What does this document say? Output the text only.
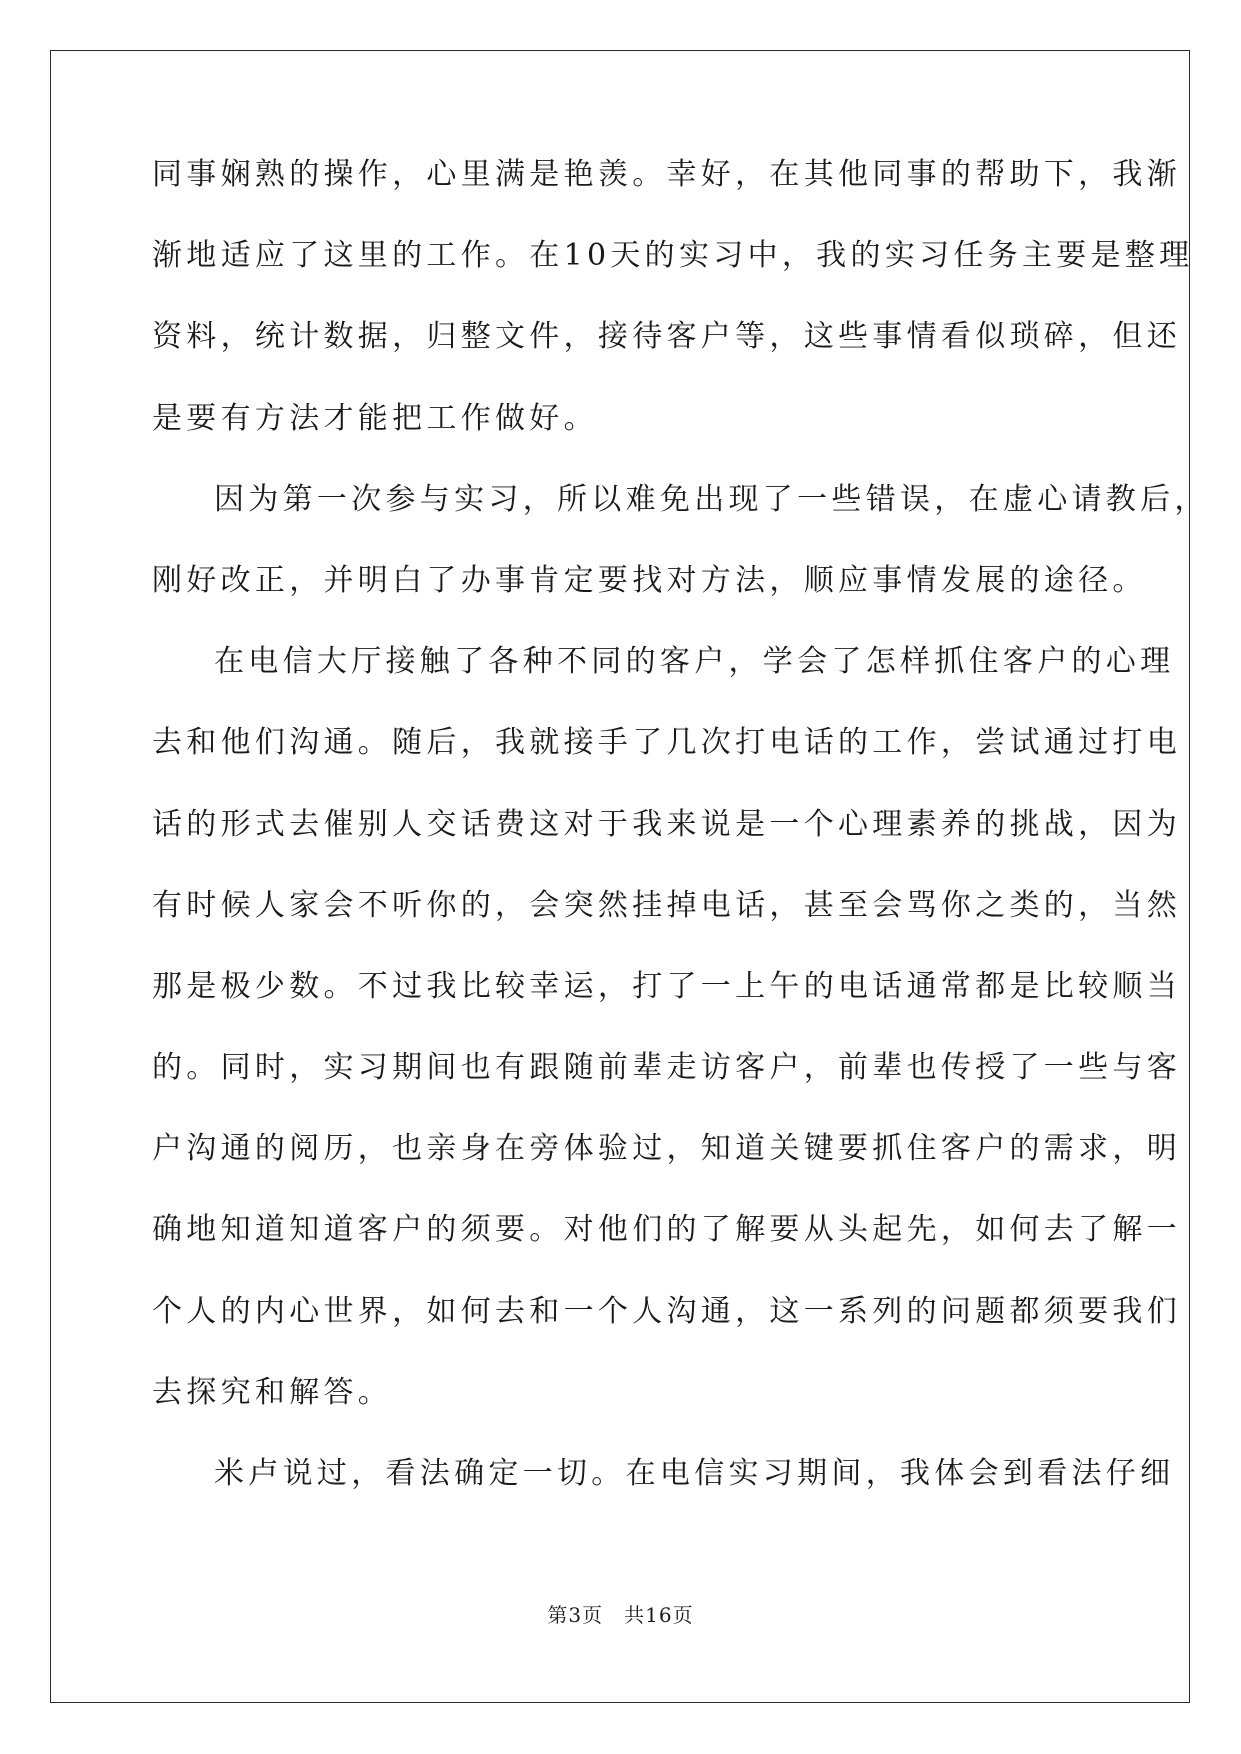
同事娴熟的操作，心里满是艳羡。幸好，在其他同事的帮助下，我渐
渐地适应了这里的工作。在10天的实习中，我的实习任务主要是整理
资料，统计数据，归整文件，接待客户等，这些事情看似琐碎，但还
是要有方法才能把工作做好。
因为第一次参与实习，所以难免出现了一些错误，在虚心请教后，
刚好改正，并明白了办事肯定要找对方法，顺应事情发展的途径。
在电信大厅接触了各种不同的客户，学会了怎样抓住客户的心理
去和他们沟通。随后，我就接手了几次打电话的工作，尝试通过打电
话的形式去催别人交话费这对于我来说是一个心理素养的挑战，因为
有时候人家会不听你的，会突然挂掉电话，甚至会骂你之类的，当然
那是极少数。不过我比较幸运，打了一上午的电话通常都是比较顺当
的。同时，实习期间也有跟随前辈走访客户，前辈也传授了一些与客
户沟通的阅历，也亲身在旁体验过，知道关键要抓住客户的需求，明
确地知道知道客户的须要。对他们的了解要从头起先，如何去了解一
个人的内心世界，如何去和一个人沟通，这一系列的问题都须要我们
去探究和解答。
米卢说过，看法确定一切。在电信实习期间，我体会到看法仔细
第3页　共16页
